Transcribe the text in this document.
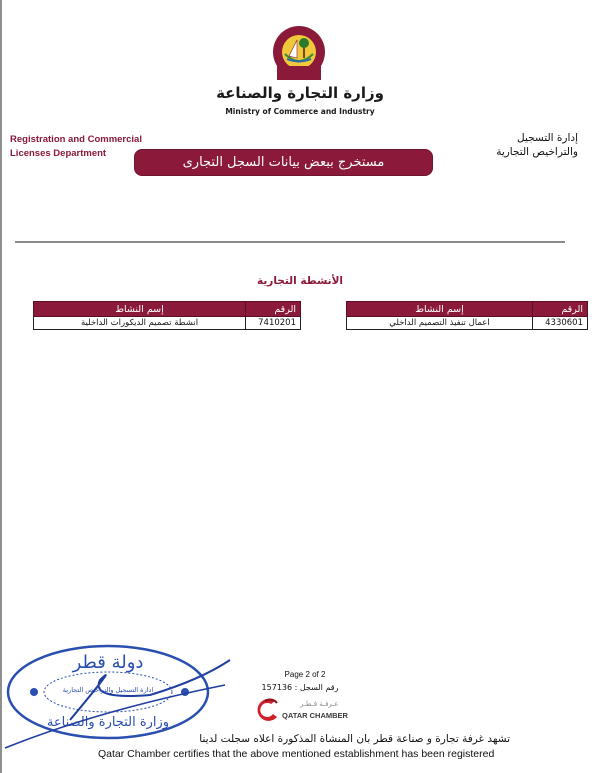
وزارة التجارة والصناعة
Ministry of Commerce and Industry
Registration and Commercial
Licenses Department
إدارة التسجيل
والتراخيص التجارية
مستخرج ببعض بيانات السجل التجارى
الأنشطة التجارية
الرقم	إسم النشاط
4330601	اعمال تنفيذ التصميم الداخلي
الرقم	إسم النشاط
7410201	انشطة تصميم الديكورات الداخلية
Page 2 of 2
رقم السجل : 157136
غـرفـة قـطـر
QATAR CHAMBER
تشهد غرفة تجارة و صناعة قطر بان المنشاة المذكورة اعلاه سجلت لدينا
Qatar Chamber certifies that the above mentioned establishment has been registered
دولة قطر
ادارة التسجيل والتراخيص التجارية
وزارة التجارة والصناعة
